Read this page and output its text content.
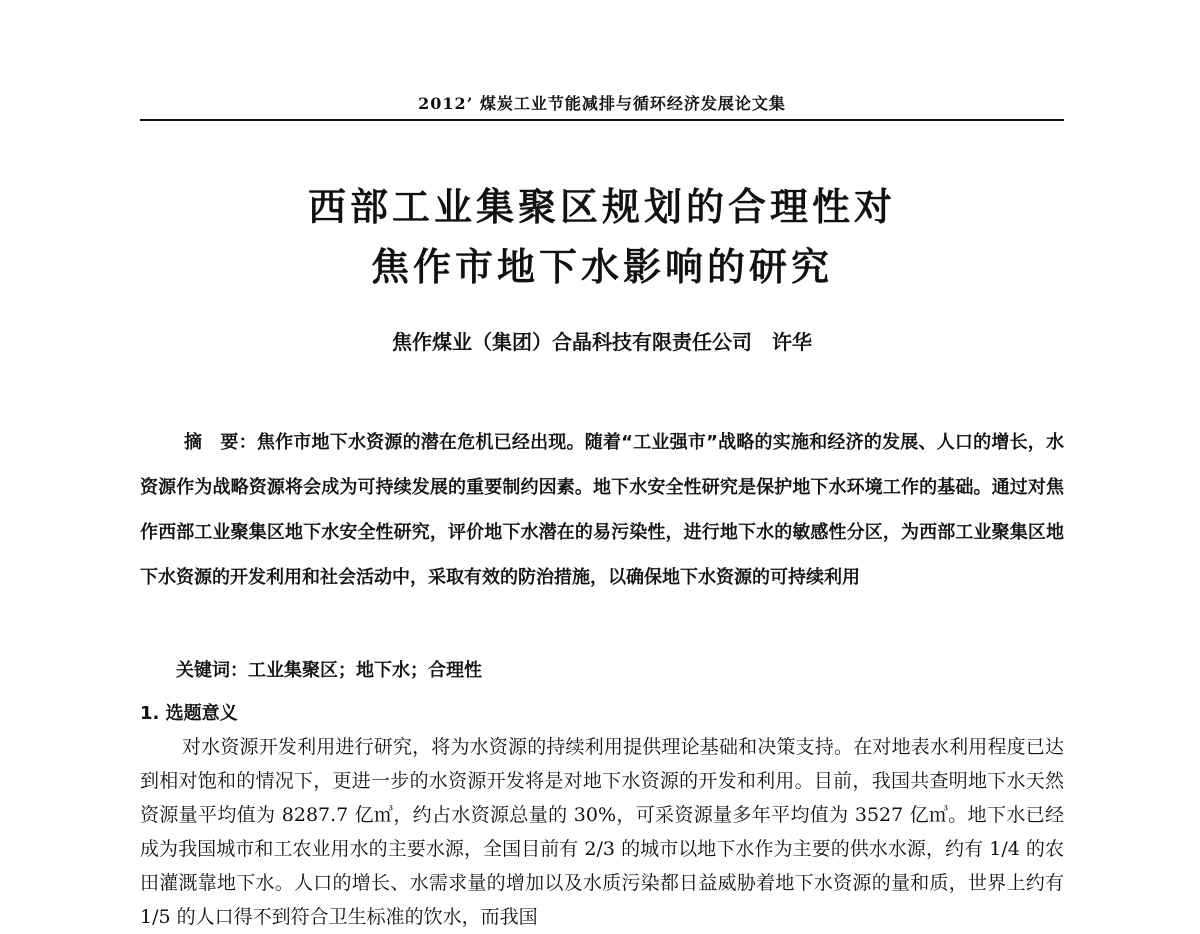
2012’ 煤炭工业节能减排与循环经济发展论文集
西部工业集聚区规划的合理性对
焦作市地下水影响的研究
焦作煤业（集团）合晶科技有限责任公司　许华
摘　要：焦作市地下水资源的潜在危机已经出现。随着“工业强市”战略的实施和经济的发展、人口的增长，水资源作为战略资源将会成为可持续发展的重要制约因素。地下水安全性研究是保护地下水环境工作的基础。通过对焦作西部工业聚集区地下水安全性研究，评价地下水潜在的易污染性，进行地下水的敏感性分区，为西部工业聚集区地下水资源的开发利用和社会活动中，采取有效的防治措施，以确保地下水资源的可持续利用
关键词：工业集聚区；地下水；合理性
1. 选题意义
对水资源开发利用进行研究，将为水资源的持续利用提供理论基础和决策支持。在对地表水利用程度已达到相对饱和的情况下，更进一步的水资源开发将是对地下水资源的开发和利用。目前，我国共查明地下水天然资源量平均值为 8287.7 亿㎥，约占水资源总量的 30%，可采资源量多年平均值为 3527 亿㎥。地下水已经成为我国城市和工农业用水的主要水源，全国目前有 2/3 的城市以地下水作为主要的供水水源，约有 1/4 的农田灌溉靠地下水。人口的增长、水需求量的增加以及水质污染都日益威胁着地下水资源的量和质，世界上约有 1/5 的人口得不到符合卫生标准的饮水，而我国
